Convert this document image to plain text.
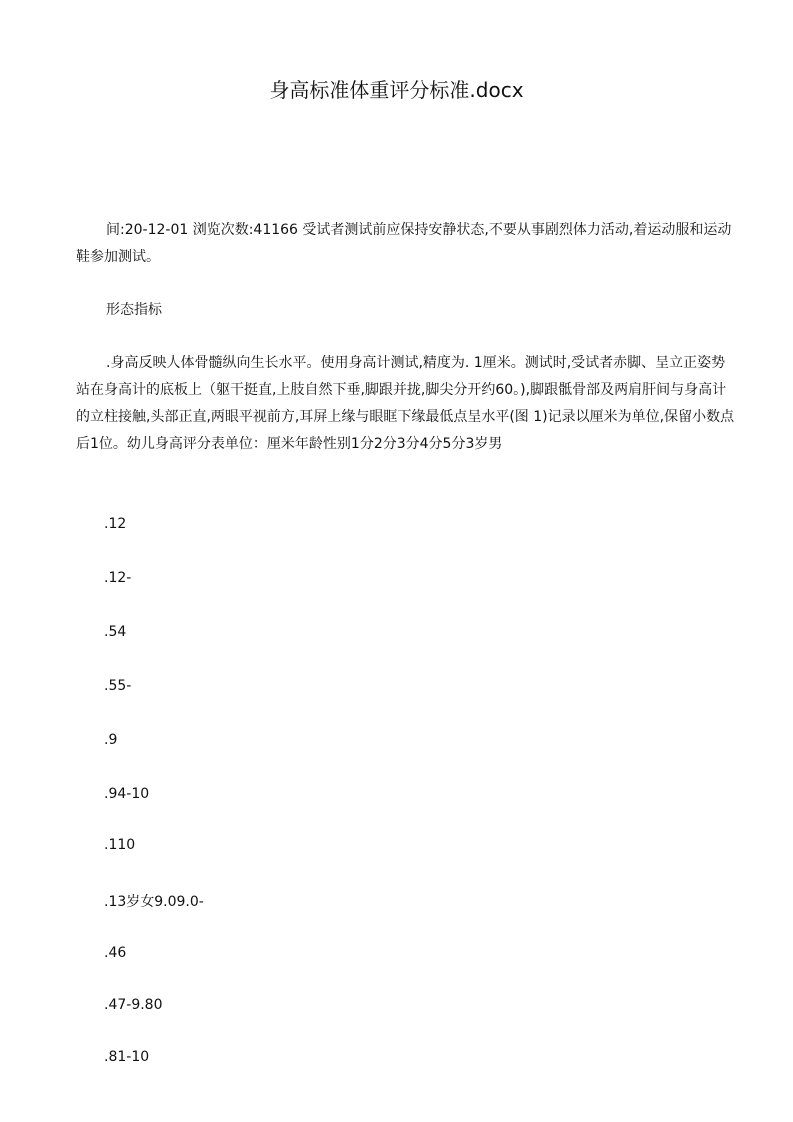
身高标准体重评分标准.docx
间:20-12-01 浏览次数:41166 受试者测试前应保持安静状态,不要从事剧烈体力活动,着运动服和运动鞋参加测试。
形态指标
.身高反映人体骨髓纵向生长水平。使用身高计测试,精度为. 1厘米。测试时,受试者赤脚、呈立正姿势站在身高计的底板上（躯干挺直,上肢自然下垂,脚跟并拢,脚尖分开约60。),脚跟骶骨部及两肩肝间与身高计的立柱接触,头部正直,两眼平视前方,耳屏上缘与眼眶下缘最低点呈水平(图 1)记录以厘米为单位,保留小数点后1位。幼儿身高评分表单位：厘米年龄性别1分2分3分4分5分3岁男
.12
.12-
.54
.55-
.9
.94-10
.110
.13岁女9.09.0-
.46
.47-9.80
.81-10
